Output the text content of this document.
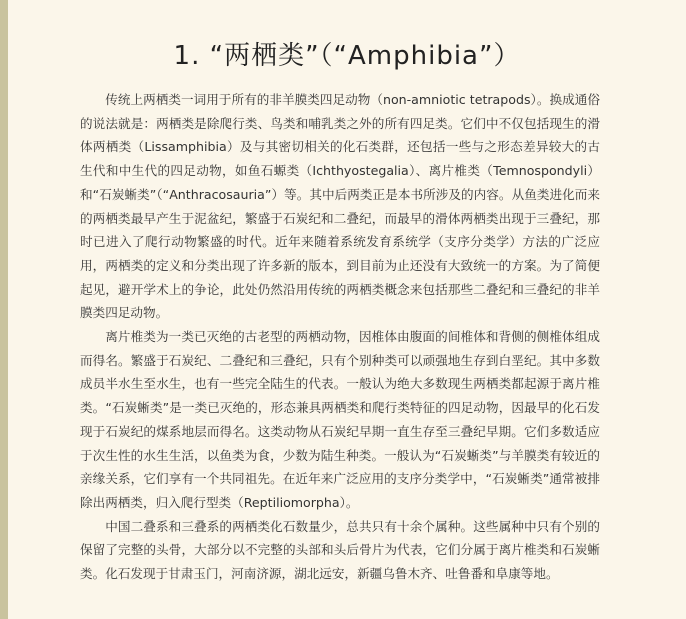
1. “两栖类”（“Amphibia”）

传统上两栖类一词用于所有的非羊膜类四足动物（non-amniotic tetrapods）。换成通俗的说法就是：两栖类是除爬行类、鸟类和哺乳类之外的所有四足类。它们中不仅包括现生的滑体两栖类（Lissamphibia）及与其密切相关的化石类群，还包括一些与之形态差异较大的古生代和中生代的四足动物，如鱼石螈类（Ichthyostegalia）、离片椎类（Temnospondyli）和“石炭蜥类”（“Anthracosauria”）等。其中后两类正是本书所涉及的内容。从鱼类进化而来的两栖类最早产生于泥盆纪，繁盛于石炭纪和二叠纪，而最早的滑体两栖类出现于三叠纪，那时已进入了爬行动物繁盛的时代。近年来随着系统发育系统学（支序分类学）方法的广泛应用，两栖类的定义和分类出现了许多新的版本，到目前为止还没有大致统一的方案。为了简便起见，避开学术上的争论，此处仍然沿用传统的两栖类概念来包括那些二叠纪和三叠纪的非羊膜类四足动物。

离片椎类为一类已灭绝的古老型的两栖动物，因椎体由腹面的间椎体和背侧的侧椎体组成而得名。繁盛于石炭纪、二叠纪和三叠纪，只有个别种类可以顽强地生存到白垩纪。其中多数成员半水生至水生，也有一些完全陆生的代表。一般认为绝大多数现生两栖类都起源于离片椎类。“石炭蜥类”是一类已灭绝的，形态兼具两栖类和爬行类特征的四足动物，因最早的化石发现于石炭纪的煤系地层而得名。这类动物从石炭纪早期一直生存至三叠纪早期。它们多数适应于次生性的水生生活，以鱼类为食，少数为陆生种类。一般认为“石炭蜥类”与羊膜类有较近的亲缘关系，它们享有一个共同祖先。在近年来广泛应用的支序分类学中，“石炭蜥类”通常被排除出两栖类，归入爬行型类（Reptiliomorpha）。

中国二叠系和三叠系的两栖类化石数量少，总共只有十余个属种。这些属种中只有个别的保留了完整的头骨，大部分以不完整的头部和头后骨片为代表，它们分属于离片椎类和石炭蜥类。化石发现于甘肃玉门，河南济源，湖北远安，新疆乌鲁木齐、吐鲁番和阜康等地。
